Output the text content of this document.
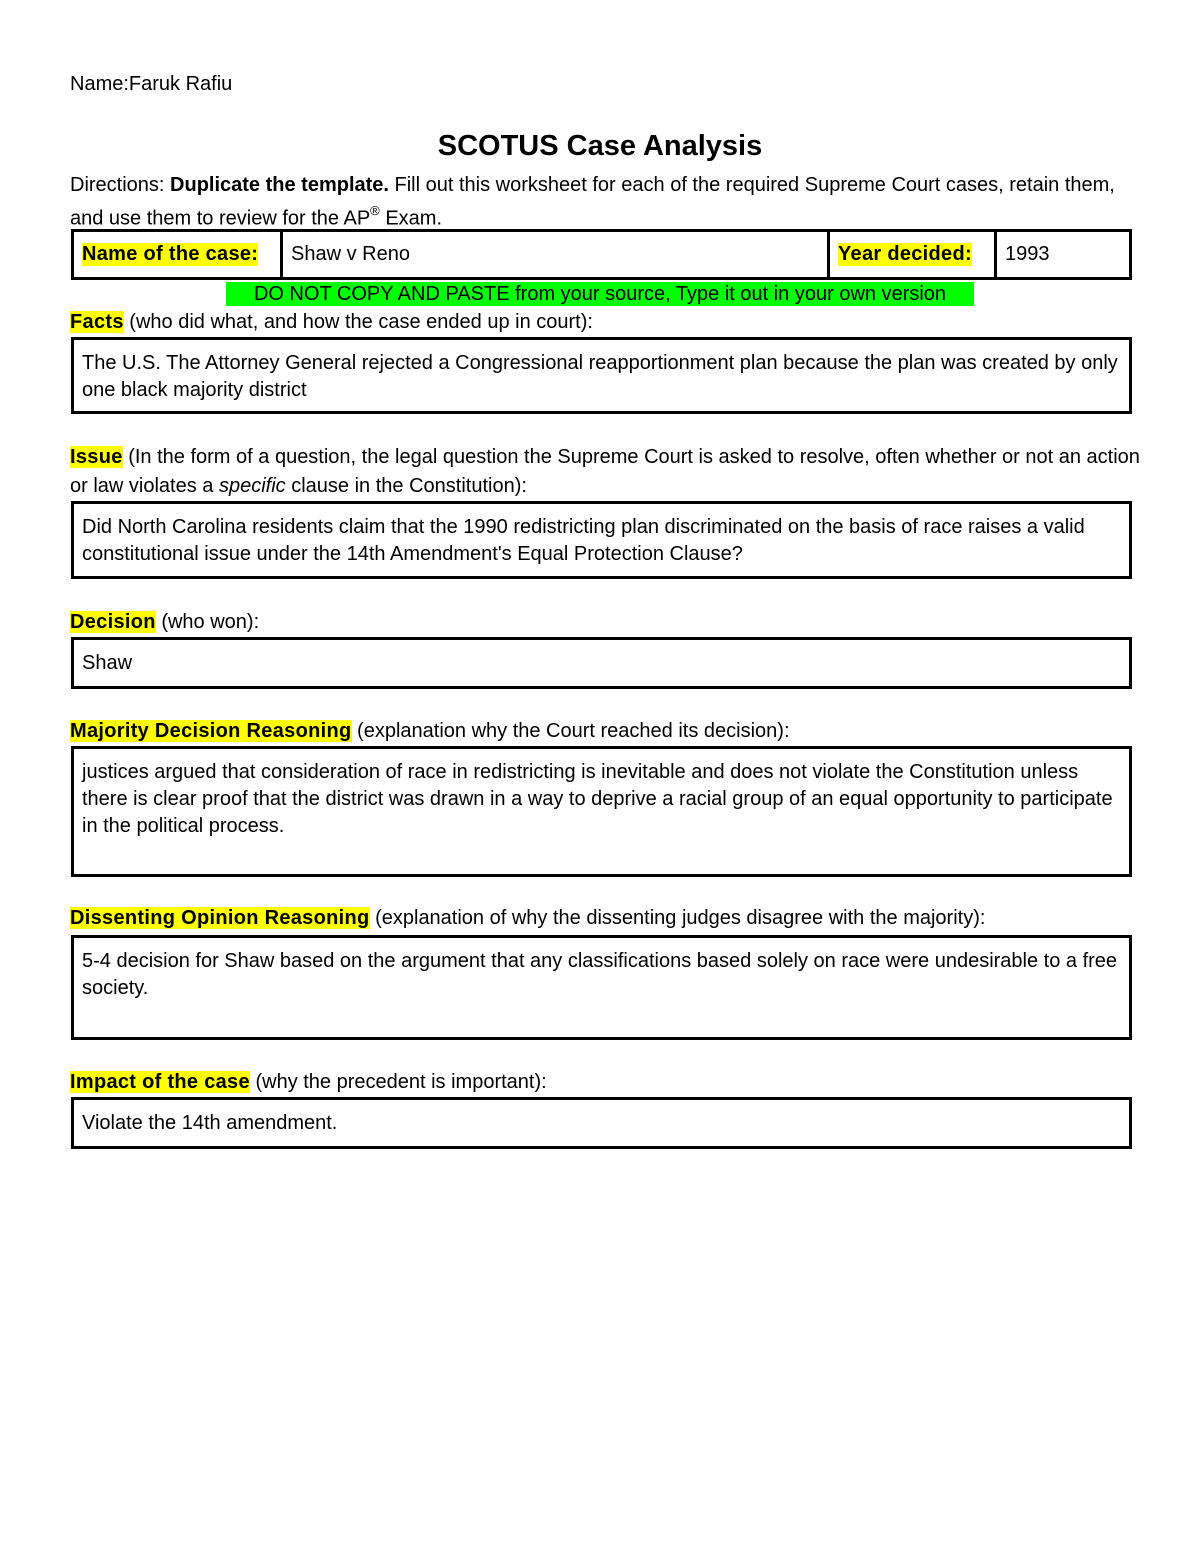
Name:Faruk Rafiu
SCOTUS Case Analysis
Directions: Duplicate the template. Fill out this worksheet for each of the required Supreme Court cases, retain them, and use them to review for the AP® Exam.
Name of the case: Shaw v Reno	Year decided: 1993
DO NOT COPY AND PASTE from your source, Type it out in your own version
Facts (who did what, and how the case ended up in court):
The U.S. The Attorney General rejected a Congressional reapportionment plan because the plan was created by only one black majority district
Issue (In the form of a question, the legal question the Supreme Court is asked to resolve, often whether or not an action or law violates a specific clause in the Constitution):
Did North Carolina residents claim that the 1990 redistricting plan discriminated on the basis of race raises a valid constitutional issue under the 14th Amendment's Equal Protection Clause?
Decision (who won):
Shaw
Majority Decision Reasoning (explanation why the Court reached its decision):
justices argued that consideration of race in redistricting is inevitable and does not violate the Constitution unless there is clear proof that the district was drawn in a way to deprive a racial group of an equal opportunity to participate in the political process.
Dissenting Opinion Reasoning (explanation of why the dissenting judges disagree with the majority):
5-4 decision for Shaw based on the argument that any classifications based solely on race were undesirable to a free society.
Impact of the case (why the precedent is important):
Violate the 14th amendment.
